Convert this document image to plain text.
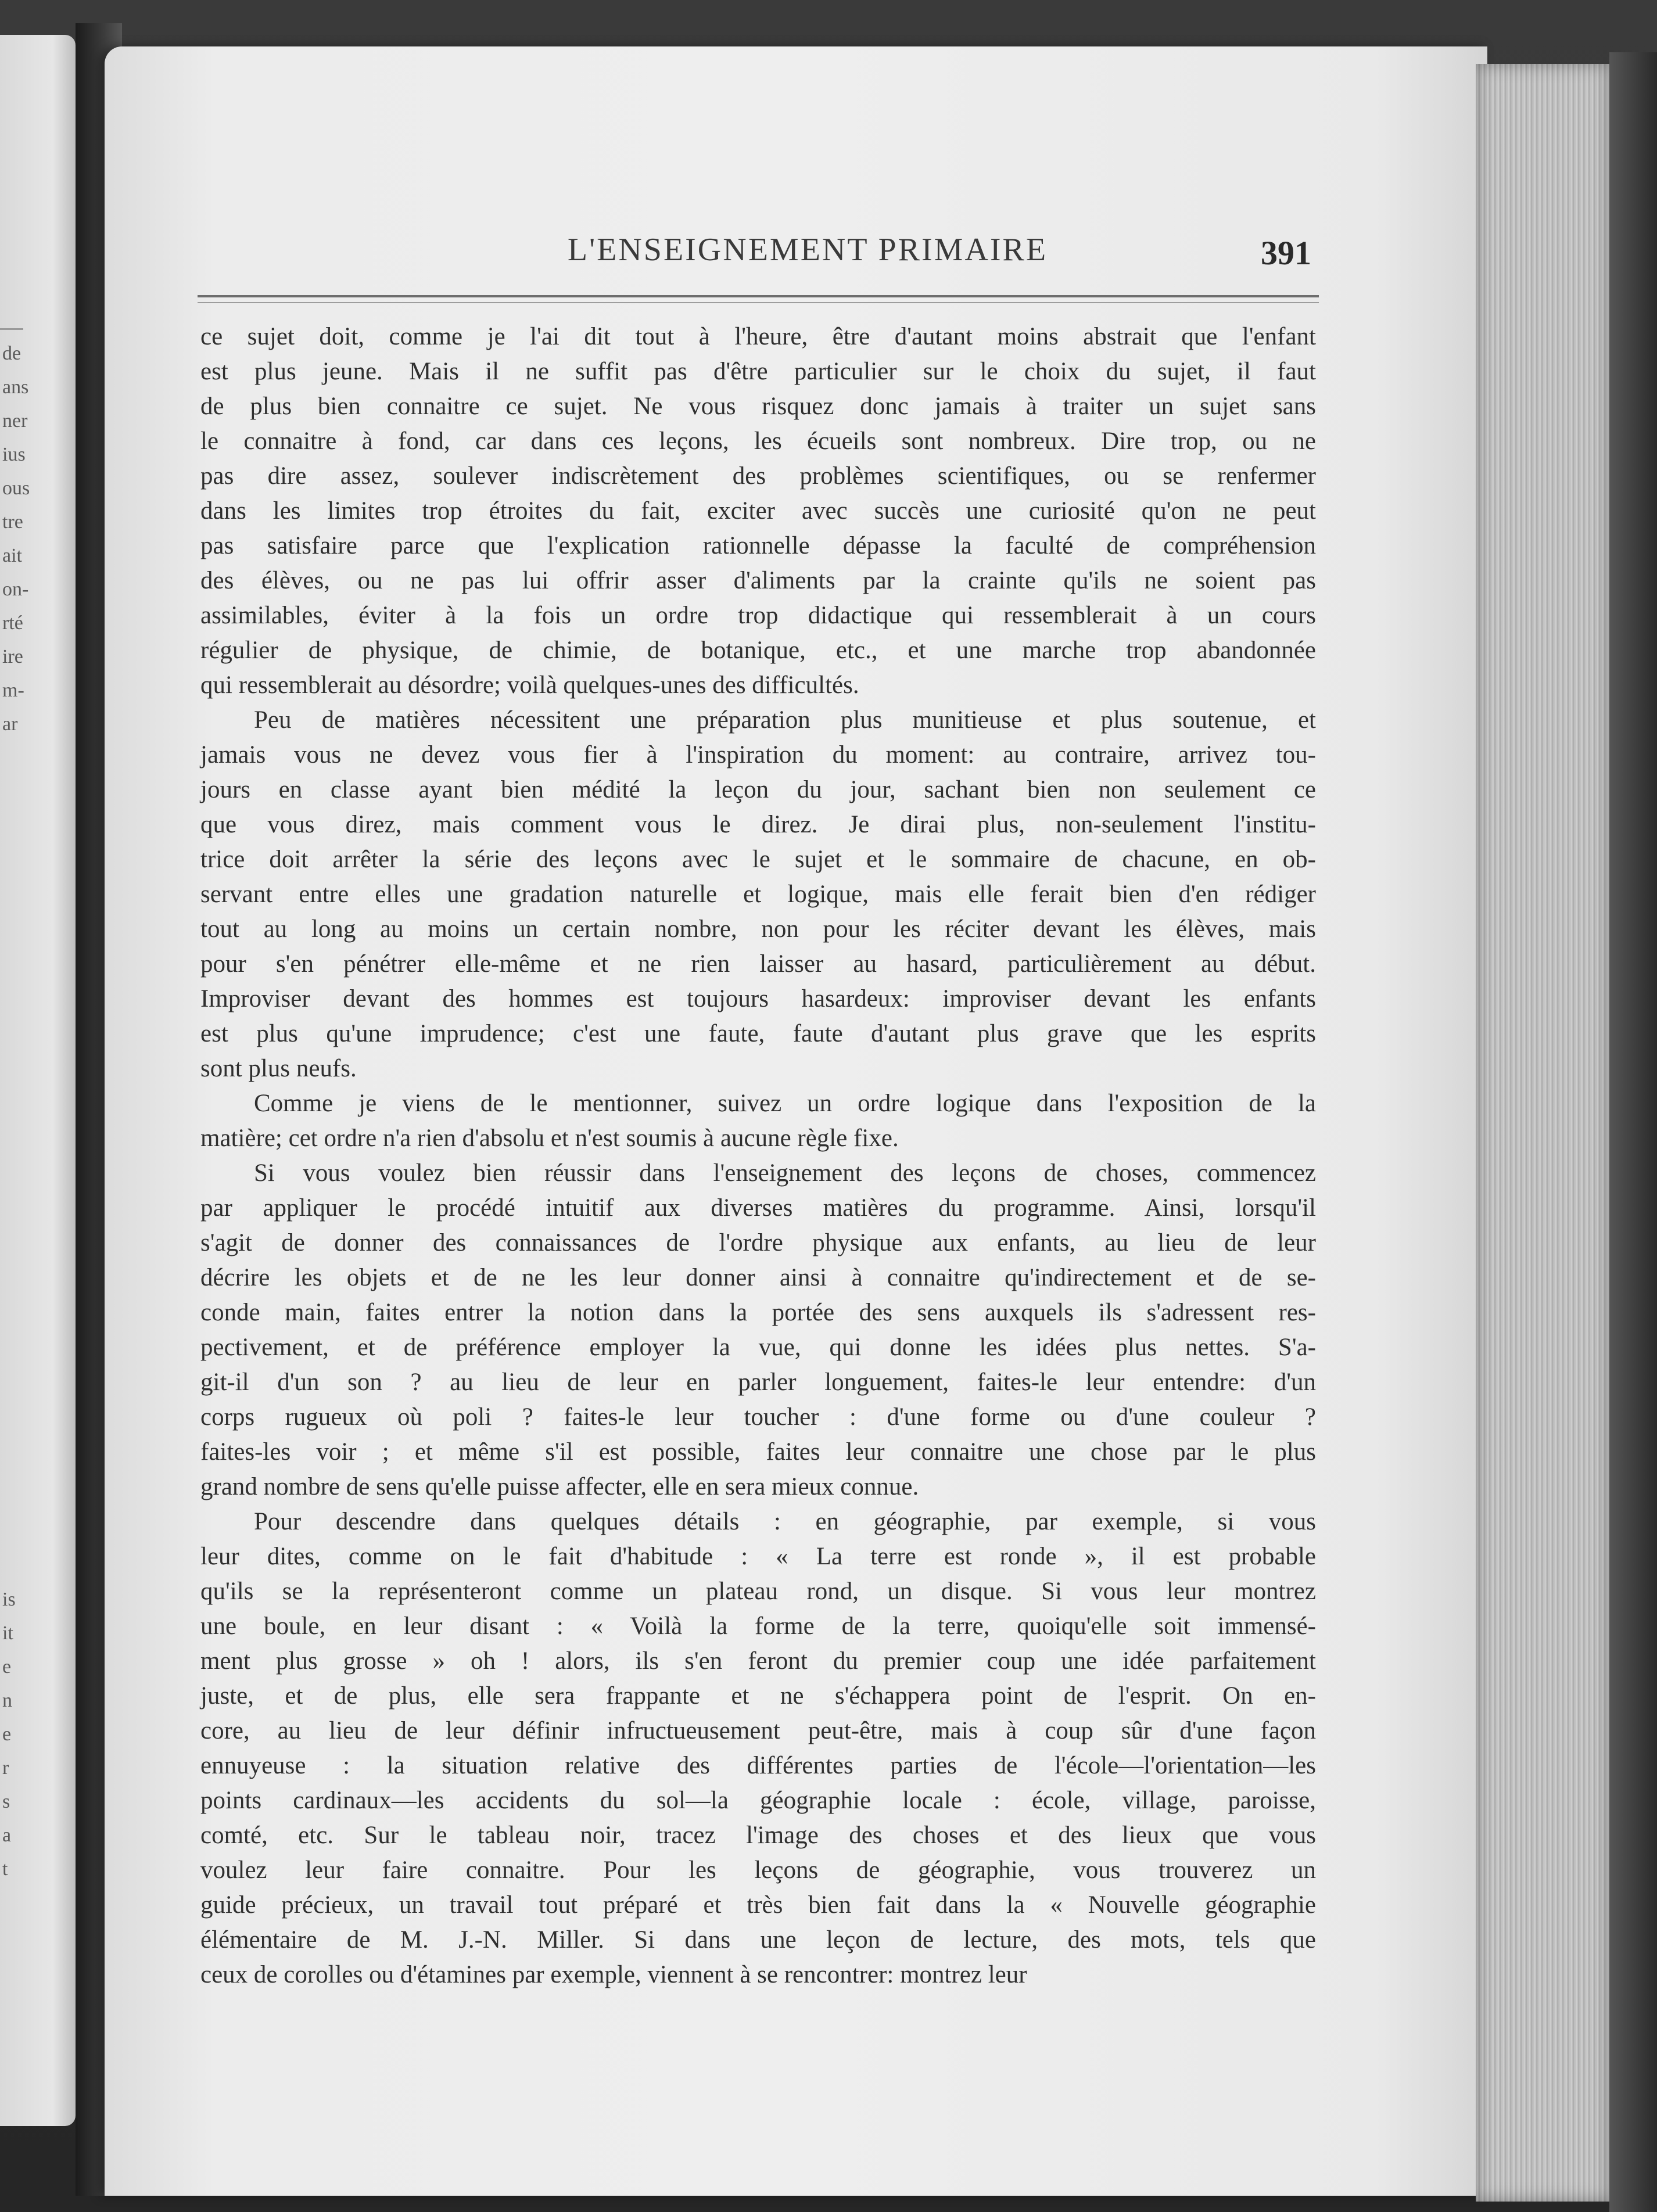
de
ans
ner
ius
ous
tre
ait
on-
rté
ire
m-
ar
is
it
e
n
e
r
s
a
t
L'ENSEIGNEMENT PRIMAIRE	391
ce sujet doit, comme je l'ai dit tout à l'heure, être d'autant moins abstrait que l'enfant
est plus jeune. Mais il ne suffit pas d'être particulier sur le choix du sujet, il faut
de plus bien connaitre ce sujet. Ne vous risquez donc jamais à traiter un sujet sans
le connaitre à fond, car dans ces leçons, les écueils sont nombreux. Dire trop, ou ne
pas dire assez, soulever indiscrètement des problèmes scientifiques, ou se renfermer
dans les limites trop étroites du fait, exciter avec succès une curiosité qu'on ne peut
pas satisfaire parce que l'explication rationnelle dépasse la faculté de compréhension
des élèves, ou ne pas lui offrir asser d'aliments par la crainte qu'ils ne soient pas
assimilables, éviter à la fois un ordre trop didactique qui ressemblerait à un cours
régulier de physique, de chimie, de botanique, etc., et une marche trop abandonnée
qui ressemblerait au désordre; voilà quelques-unes des difficultés.
Peu de matières nécessitent une préparation plus munitieuse et plus soutenue, et
jamais vous ne devez vous fier à l'inspiration du moment: au contraire, arrivez tou-
jours en classe ayant bien médité la leçon du jour, sachant bien non seulement ce
que vous direz, mais comment vous le direz. Je dirai plus, non-seulement l'institu-
trice doit arrêter la série des leçons avec le sujet et le sommaire de chacune, en ob-
servant entre elles une gradation naturelle et logique, mais elle ferait bien d'en rédiger
tout au long au moins un certain nombre, non pour les réciter devant les élèves, mais
pour s'en pénétrer elle-même et ne rien laisser au hasard, particulièrement au début.
Improviser devant des hommes est toujours hasardeux: improviser devant les enfants
est plus qu'une imprudence; c'est une faute, faute d'autant plus grave que les esprits
sont plus neufs.
Comme je viens de le mentionner, suivez un ordre logique dans l'exposition de la
matière; cet ordre n'a rien d'absolu et n'est soumis à aucune règle fixe.
Si vous voulez bien réussir dans l'enseignement des leçons de choses, commencez
par appliquer le procédé intuitif aux diverses matières du programme. Ainsi, lorsqu'il
s'agit de donner des connaissances de l'ordre physique aux enfants, au lieu de leur
décrire les objets et de ne les leur donner ainsi à connaitre qu'indirectement et de se-
conde main, faites entrer la notion dans la portée des sens auxquels ils s'adressent res-
pectivement, et de préférence employer la vue, qui donne les idées plus nettes. S'a-
git-il d'un son ? au lieu de leur en parler longuement, faites-le leur entendre: d'un
corps rugueux où poli ? faites-le leur toucher : d'une forme ou d'une couleur ?
faites-les voir ; et même s'il est possible, faites leur connaitre une chose par le plus
grand nombre de sens qu'elle puisse affecter, elle en sera mieux connue.
Pour descendre dans quelques détails : en géographie, par exemple, si vous
leur dites, comme on le fait d'habitude : « La terre est ronde », il est probable
qu'ils se la représenteront comme un plateau rond, un disque. Si vous leur montrez
une boule, en leur disant : « Voilà la forme de la terre, quoiqu'elle soit immensé-
ment plus grosse » oh ! alors, ils s'en feront du premier coup une idée parfaitement
juste, et de plus, elle sera frappante et ne s'échappera point de l'esprit. On en-
core, au lieu de leur définir infructueusement peut-être, mais à coup sûr d'une façon
ennuyeuse : la situation relative des différentes parties de l'école—l'orientation—les
points cardinaux—les accidents du sol—la géographie locale : école, village, paroisse,
comté, etc. Sur le tableau noir, tracez l'image des choses et des lieux que vous
voulez leur faire connaitre. Pour les leçons de géographie, vous trouverez un
guide précieux, un travail tout préparé et très bien fait dans la « Nouvelle géographie
élémentaire de M. J.-N. Miller. Si dans une leçon de lecture, des mots, tels que
ceux de corolles ou d'étamines par exemple, viennent à se rencontrer: montrez leur
